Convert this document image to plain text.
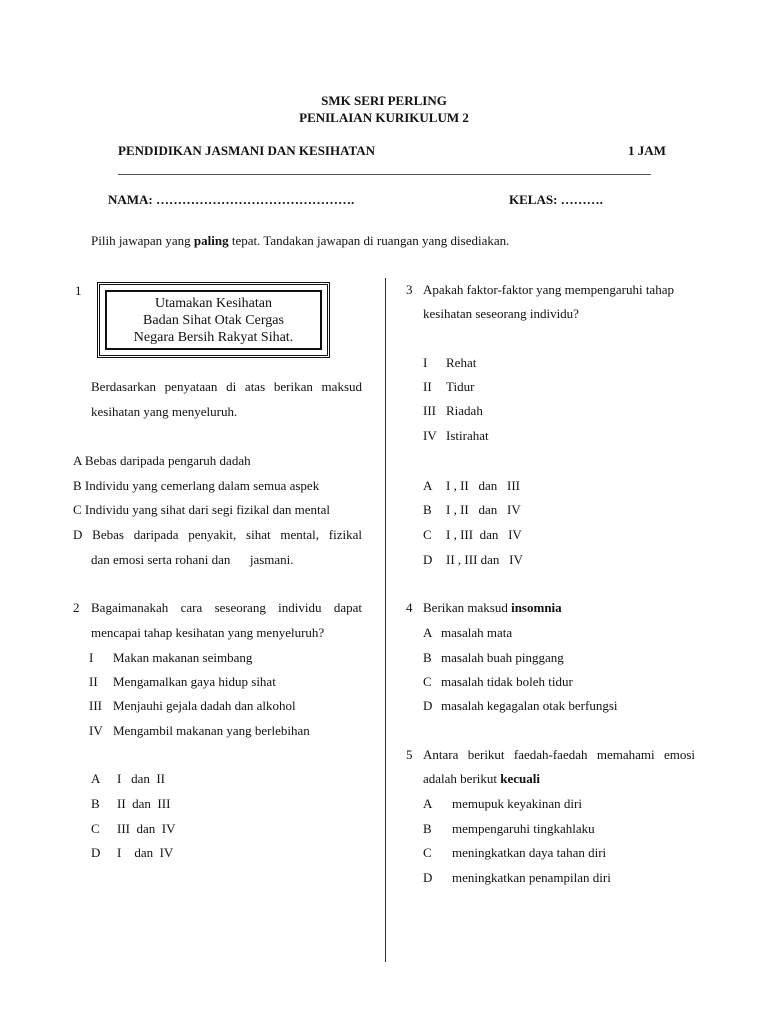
SMK SERI PERLING
PENILAIAN KURIKULUM 2
PENDIDIKAN JASMANI DAN KESIHATAN	1 JAM
NAMA: ……………………………………….	KELAS: ……….
Pilih jawapan yang paling tepat. Tandakan jawapan di ruangan yang disediakan.
1
Utamakan Kesihatan
Badan Sihat Otak Cergas
Negara Bersih Rakyat Sihat.
Berdasarkan penyataan di atas berikan maksud
kesihatan yang menyeluruh.
A Bebas daripada pengaruh dadah
B Individu yang cemerlang dalam semua aspek
C Individu yang sihat dari segi fizikal dan mental
D Bebas daripada penyakit, sihat mental, fizikal
dan emosi serta rohani dan      jasmani.
2 Bagaimanakah cara seseorang individu dapat
mencapai tahap kesihatan yang menyeluruh?
I Makan makanan seimbang
II Mengamalkan gaya hidup sihat
III Menjauhi gejala dadah dan alkohol
IV Mengambil makanan yang berlebihan
A I   dan  II
B II  dan  III
C III  dan  IV
D I    dan  IV
3 Apakah faktor-faktor yang mempengaruhi tahap
kesihatan seseorang individu?
I Rehat
II Tidur
III Riadah
IV Istirahat
A I , II   dan   III
B I , II   dan   IV
C I , III  dan   IV
D II , III dan   IV
4 Berikan maksud insomnia
A masalah mata
B masalah buah pinggang
C masalah tidak boleh tidur
D masalah kegagalan otak berfungsi
5 Antara berikut faedah-faedah memahami emosi
adalah berikut kecuali
A memupuk keyakinan diri
B mempengaruhi tingkahlaku
C meningkatkan daya tahan diri
D meningkatkan penampilan diri
